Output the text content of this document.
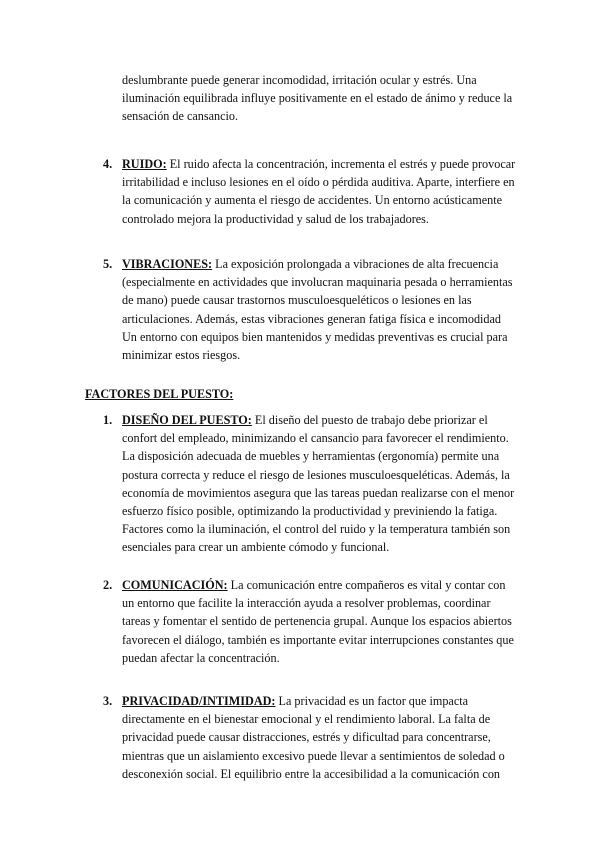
deslumbrante puede generar incomodidad, irritación ocular y estrés. Una iluminación equilibrada influye positivamente en el estado de ánimo y reduce la sensación de cansancio.
4. RUIDO: El ruido afecta la concentración, incrementa el estrés y puede provocar irritabilidad e incluso lesiones en el oído o pérdida auditiva. Aparte, interfiere en la comunicación y aumenta el riesgo de accidentes. Un entorno acústicamente controlado mejora la productividad y salud de los trabajadores.
5. VIBRACIONES: La exposición prolongada a vibraciones de alta frecuencia (especialmente en actividades que involucran maquinaria pesada o herramientas de mano) puede causar trastornos musculoesqueléticos o lesiones en las articulaciones. Además, estas vibraciones generan fatiga física e incomodidad Un entorno con equipos bien mantenidos y medidas preventivas es crucial para minimizar estos riesgos.
FACTORES DEL PUESTO:
1. DISEÑO DEL PUESTO: El diseño del puesto de trabajo debe priorizar el confort del empleado, minimizando el cansancio para favorecer el rendimiento. La disposición adecuada de muebles y herramientas (ergonomía) permite una postura correcta y reduce el riesgo de lesiones musculoesqueléticas. Además, la economía de movimientos asegura que las tareas puedan realizarse con el menor esfuerzo físico posible, optimizando la productividad y previniendo la fatiga. Factores como la iluminación, el control del ruido y la temperatura también son esenciales para crear un ambiente cómodo y funcional.
2. COMUNICACIÓN: La comunicación entre compañeros es vital y contar con un entorno que facilite la interacción ayuda a resolver problemas, coordinar tareas y fomentar el sentido de pertenencia grupal. Aunque los espacios abiertos favorecen el diálogo, también es importante evitar interrupciones constantes que puedan afectar la concentración.
3. PRIVACIDAD/INTIMIDAD: La privacidad es un factor que impacta directamente en el bienestar emocional y el rendimiento laboral. La falta de privacidad puede causar distracciones, estrés y dificultad para concentrarse, mientras que un aislamiento excesivo puede llevar a sentimientos de soledad o desconexión social. El equilibrio entre la accesibilidad a la comunicación con
